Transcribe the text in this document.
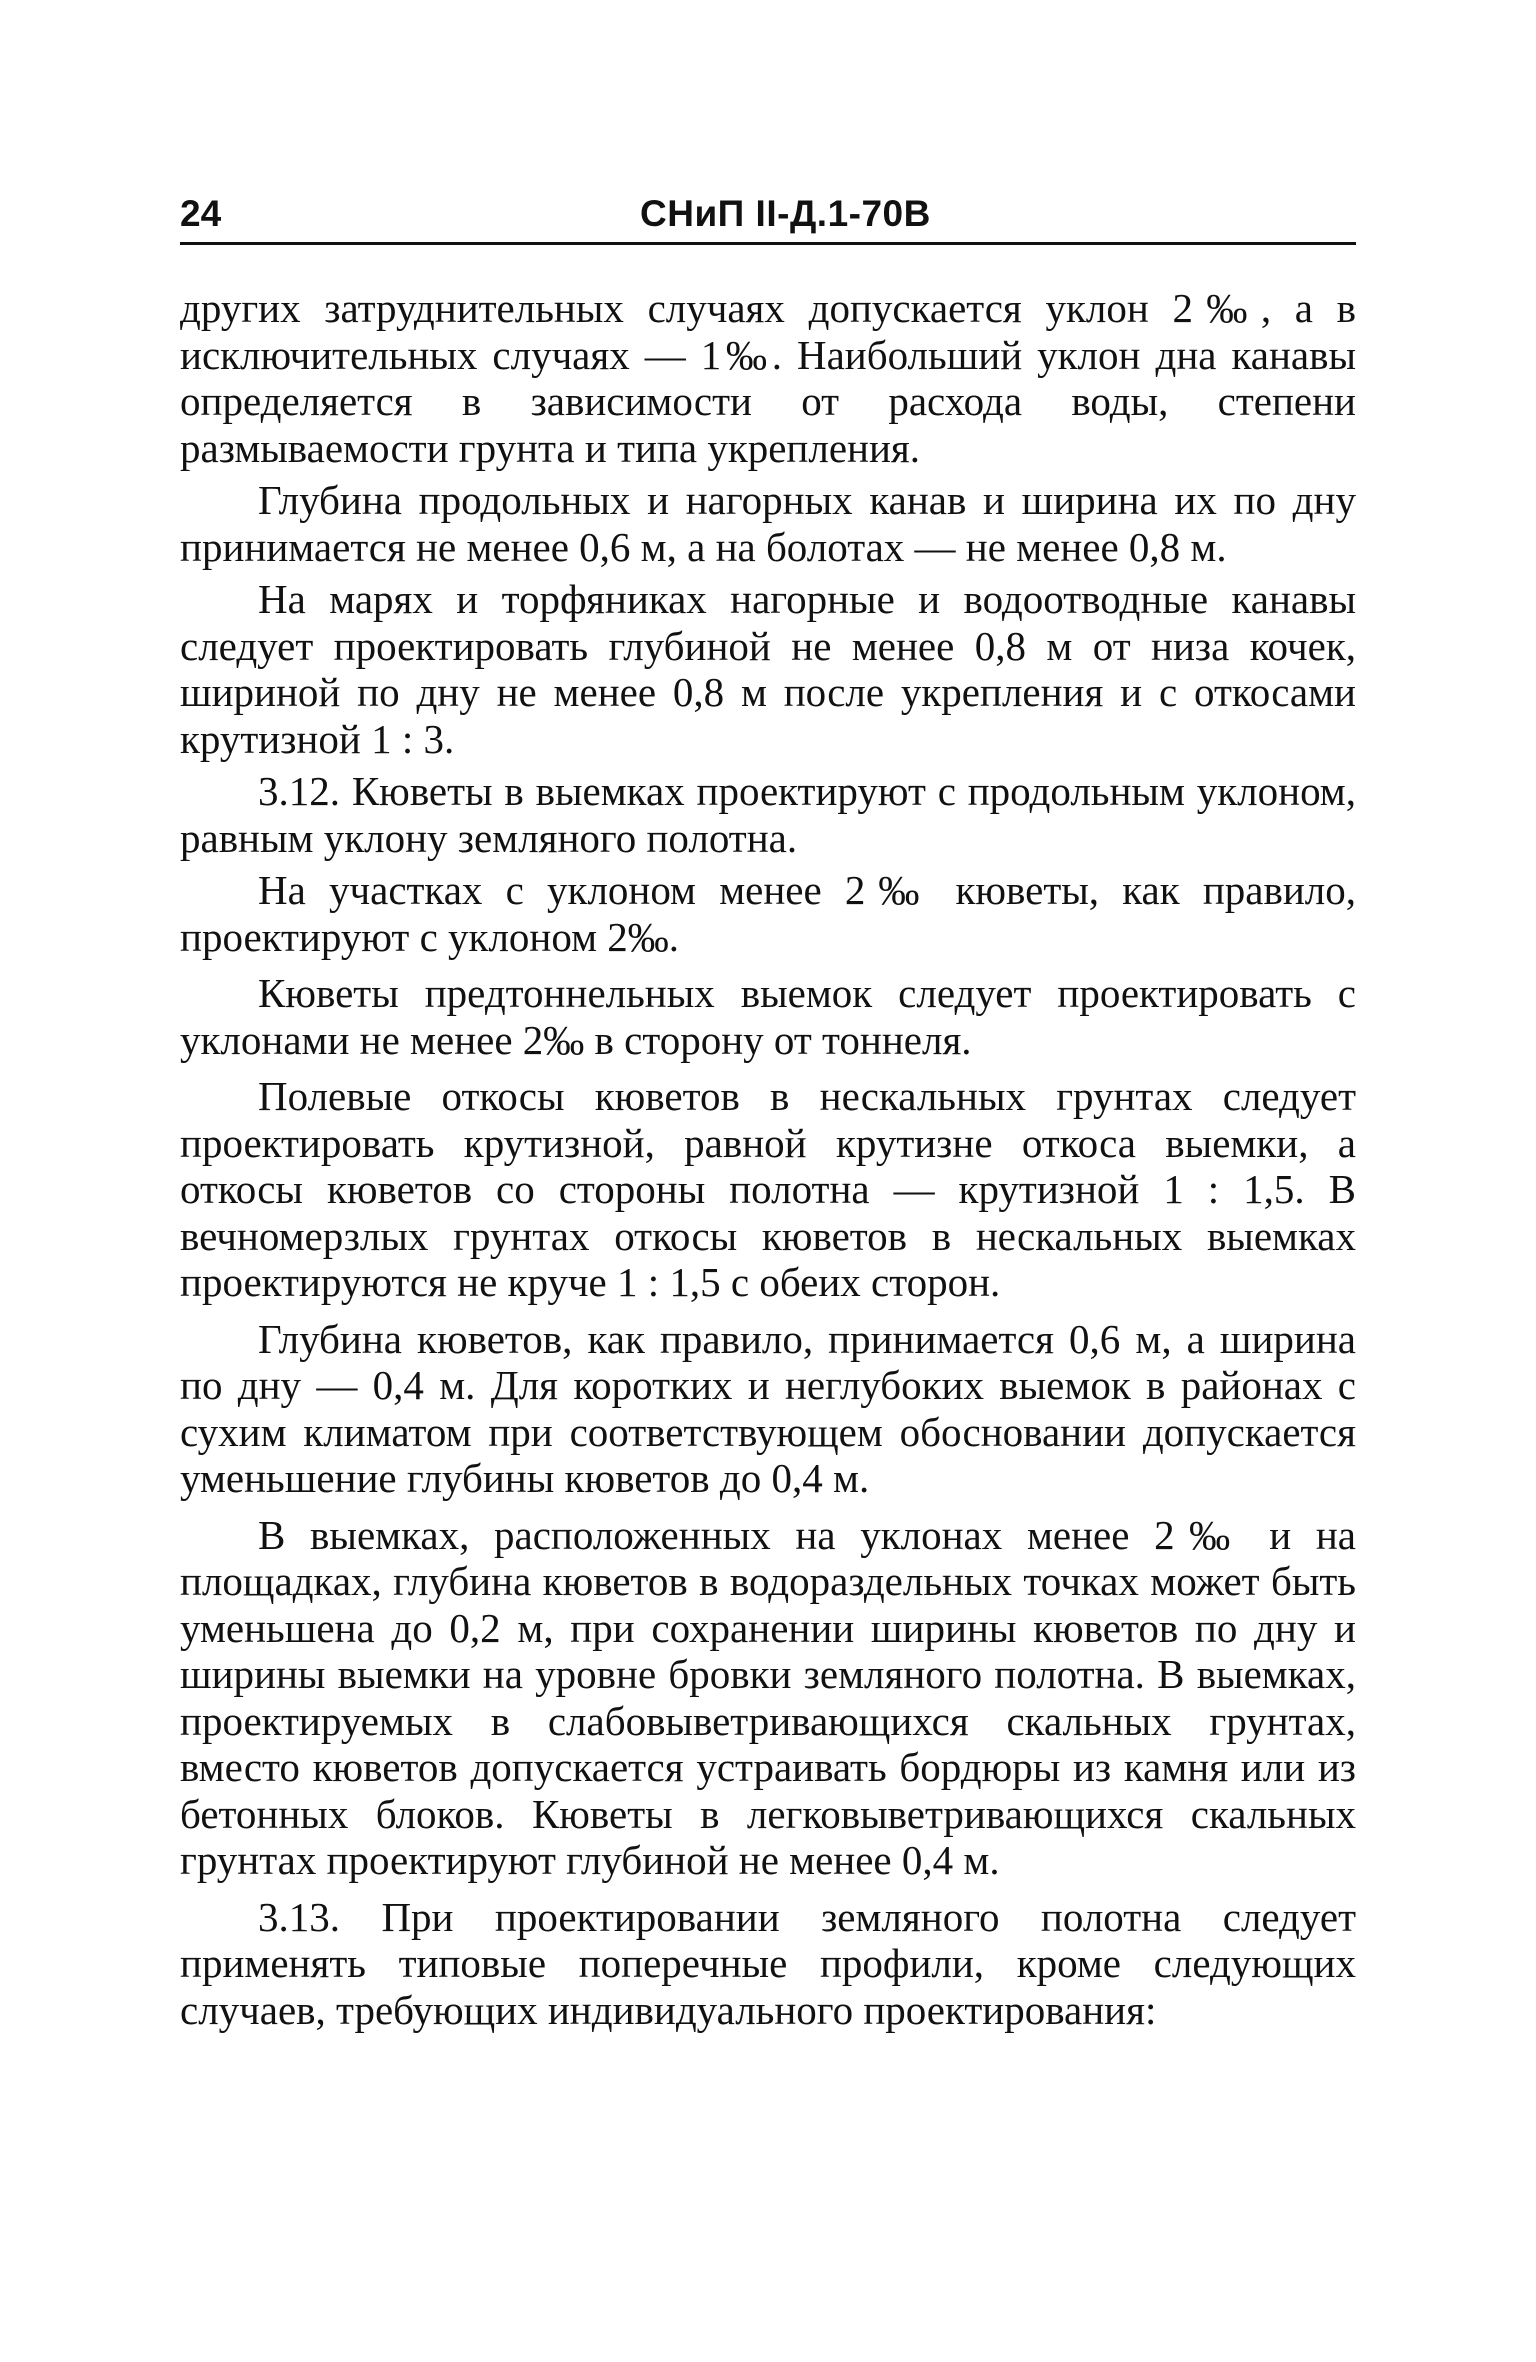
24	СНиП II-Д.1-70В

других затруднительных случаях допускается уклон 2‰, а в исключительных случаях — 1‰. Наибольший уклон дна канавы определяется в зависимости от расхода воды, степени размываемости грунта и типа укрепления.

Глубина продольных и нагорных канав и ширина их по дну принимается не менее 0,6 м, а на болотах — не менее 0,8 м.

На марях и торфяниках нагорные и водоотводные канавы следует проектировать глубиной не менее 0,8 м от низа кочек, шириной по дну не менее 0,8 м после укрепления и с откосами крутизной 1 : 3.

3.12. Кюветы в выемках проектируют с продольным уклоном, равным уклону земляного полотна.

На участках с уклоном менее 2‰ кюветы, как правило, проектируют с уклоном 2‰.

Кюветы предтоннельных выемок следует проектировать с уклонами не менее 2‰ в сторону от тоннеля.

Полевые откосы кюветов в нескальных грунтах следует проектировать крутизной, равной крутизне откоса выемки, а откосы кюветов со стороны полотна — крутизной 1 : 1,5. В вечномерзлых грунтах откосы кюветов в нескальных выемках проектируются не круче 1 : 1,5 с обеих сторон.

Глубина кюветов, как правило, принимается 0,6 м, а ширина по дну — 0,4 м. Для коротких и неглубоких выемок в районах с сухим климатом при соответствующем обосновании допускается уменьшение глубины кюветов до 0,4 м.

В выемках, расположенных на уклонах менее 2‰ и на площадках, глубина кюветов в водораздельных точках может быть уменьшена до 0,2 м, при сохранении ширины кюветов по дну и ширины выемки на уровне бровки земляного полотна. В выемках, проектируемых в слабовыветривающихся скальных грунтах, вместо кюветов допускается устраивать бордюры из камня или из бетонных блоков. Кюветы в легковыветривающихся скальных грунтах проектируют глубиной не менее 0,4 м.

3.13. При проектировании земляного полотна следует применять типовые поперечные профили, кроме следующих случаев, требующих индивидуального проектирования:
